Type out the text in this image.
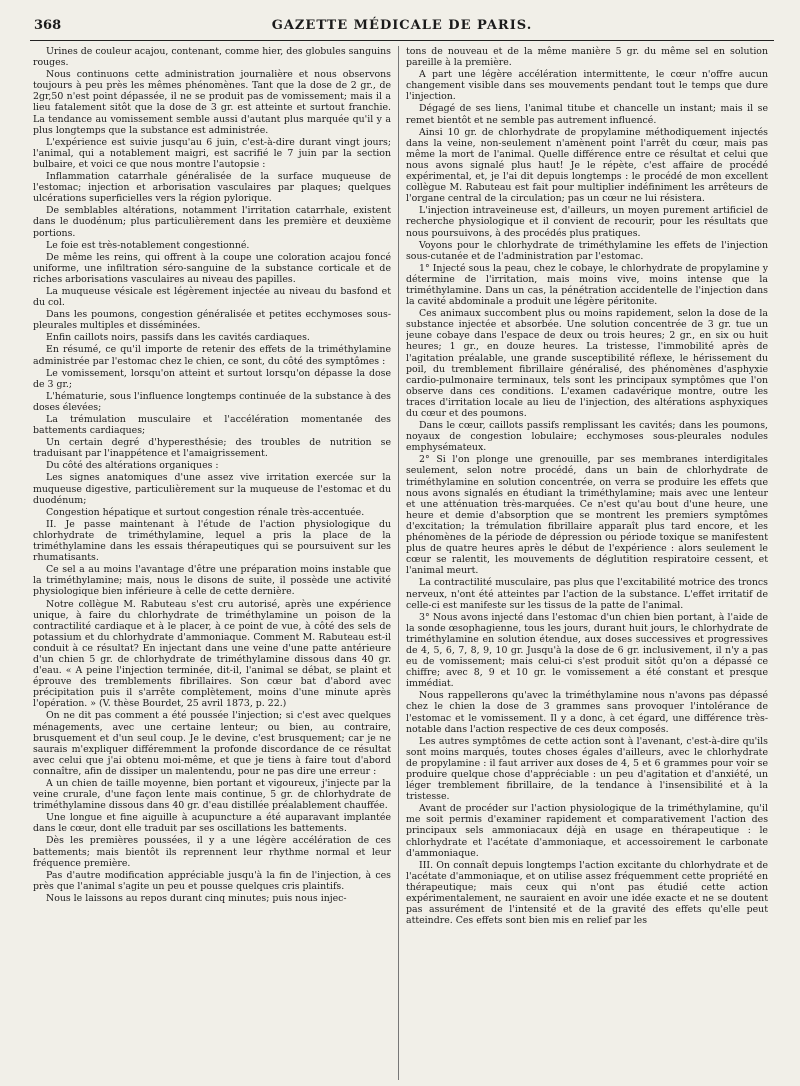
368	GAZETTE MÉDICALE DE PARIS.

Urines de couleur acajou, contenant, comme hier, des globules sanguins rouges.

Nous continuons cette administration journalière et nous observons toujours à peu près les mêmes phénomènes. Tant que la dose de 2 gr., de 2gr,50 n'est point dépassée, il ne se produit pas de vomissement; mais il a lieu fatalement sitôt que la dose de 3 gr. est atteinte et surtout franchie. La tendance au vomissement semble aussi d'autant plus marquée qu'il y a plus longtemps que la substance est administrée.

L'expérience est suivie jusqu'au 6 juin, c'est-à-dire durant vingt jours; l'animal, qui a notablement maigri, est sacrifié le 7 juin par la section bulbaire, et voici ce que nous montre l'autopsie :

Inflammation catarrhale généralisée de la surface muqueuse de l'estomac; injection et arborisation vasculaires par plaques; quelques ulcérations superficielles vers la région pylorique.

De semblables altérations, notamment l'irritation catarrhale, existent dans le duodénum; plus particulièrement dans les première et deuxième portions.

Le foie est très-notablement congestionné.

De même les reins, qui offrent à la coupe une coloration acajou foncé uniforme, une infiltration séro-sanguine de la substance corticale et de riches arborisations vasculaires au niveau des papilles.

La muqueuse vésicale est légèrement injectée au niveau du basfond et du col.

Dans les poumons, congestion généralisée et petites ecchymoses sous-pleurales multiples et disséminées.

Enfin caillots noirs, passifs dans les cavités cardiaques.

En résumé, ce qu'il importe de retenir des effets de la triméthylamine administrée par l'estomac chez le chien, ce sont, du côté des symptômes :

Le vomissement, lorsqu'on atteint et surtout lorsqu'on dépasse la dose de 3 gr.;

L'hématurie, sous l'influence longtemps continuée de la substance à des doses élevées;

La trémulation musculaire et l'accélération momentanée des battements cardiaques;

Un certain degré d'hyperesthésie; des troubles de nutrition se traduisant par l'inappétence et l'amaigrissement.

Du côté des altérations organiques :

Les signes anatomiques d'une assez vive irritation exercée sur la muqueuse digestive, particulièrement sur la muqueuse de l'estomac et du duodénum;

Congestion hépatique et surtout congestion rénale très-accentuée.

II. Je passe maintenant à l'étude de l'action physiologique du chlorhydrate de triméthylamine, lequel a pris la place de la triméthylamine dans les essais thérapeutiques qui se poursuivent sur les rhumatisants.

Ce sel a au moins l'avantage d'être une préparation moins instable que la triméthylamine; mais, nous le disons de suite, il possède une activité physiologique bien inférieure à celle de cette dernière.

Notre collègue M. Rabuteau s'est cru autorisé, après une expérience unique, à faire du chlorhydrate de triméthylamine un poison de la contractilité cardiaque et à le placer, à ce point de vue, à côté des sels de potassium et du chlorhydrate d'ammoniaque. Comment M. Rabuteau est-il conduit à ce résultat? En injectant dans une veine d'une patte antérieure d'un chien 5 gr. de chlorhydrate de triméthylamine dissous dans 40 gr. d'eau. « A peine l'injection terminée, dit-il, l'animal se débat, se plaint et éprouve des tremblements fibrillaires. Son cœur bat d'abord avec précipitation puis il s'arrête complètement, moins d'une minute après l'opération. » (V. thèse Bourdet, 25 avril 1873, p. 22.)

On ne dit pas comment a été poussée l'injection; si c'est avec quelques ménagements, avec une certaine lenteur; ou bien, au contraire, brusquement et d'un seul coup. Je le devine, c'est brusquement; car je ne saurais m'expliquer différemment la profonde discordance de ce résultat avec celui que j'ai obtenu moi-même, et que je tiens à faire tout d'abord connaître, afin de dissiper un malentendu, pour ne pas dire une erreur :

A un chien de taille moyenne, bien portant et vigoureux, j'injecte par la veine crurale, d'une façon lente mais continue, 5 gr. de chlorhydrate de triméthylamine dissous dans 40 gr. d'eau distillée préalablement chauffée.

Une longue et fine aiguille à acupuncture a été auparavant implantée dans le cœur, dont elle traduit par ses oscillations les battements.

Dès les premières poussées, il y a une légère accélération de ces battements; mais bientôt ils reprennent leur rhythme normal et leur fréquence première.

Pas d'autre modification appréciable jusqu'à la fin de l'injection, à ces près que l'animal s'agite un peu et pousse quelques cris plaintifs.

Nous le laissons au repos durant cinq minutes; puis nous injec-

tons de nouveau et de la même manière 5 gr. du même sel en solution pareille à la première.

A part une légère accélération intermittente, le cœur n'offre aucun changement visible dans ses mouvements pendant tout le temps que dure l'injection.

Dégagé de ses liens, l'animal titube et chancelle un instant; mais il se remet bientôt et ne semble pas autrement influencé.

Ainsi 10 gr. de chlorhydrate de propylamine méthodiquement injectés dans la veine, non-seulement n'amènent point l'arrêt du cœur, mais pas même la mort de l'animal. Quelle différence entre ce résultat et celui que nous avons signalé plus haut! Je le répète, c'est affaire de procédé expérimental, et, je l'ai dit depuis longtemps : le procédé de mon excellent collègue M. Rabuteau est fait pour multiplier indéfiniment les arrêteurs de l'organe central de la circulation; pas un cœur ne lui résistera.

L'injection intraveineuse est, d'ailleurs, un moyen purement artificiel de recherche physiologique et il convient de recourir, pour les résultats que nous poursuivons, à des procédés plus pratiques.

Voyons pour le chlorhydrate de triméthylamine les effets de l'injection sous-cutanée et de l'administration par l'estomac.

1° Injecté sous la peau, chez le cobaye, le chlorhydrate de propylamine y détermine de l'irritation, mais moins vive, moins intense que la triméthylamine. Dans un cas, la pénétration accidentelle de l'injection dans la cavité abdominale a produit une légère péritonite.

Ces animaux succombent plus ou moins rapidement, selon la dose de la substance injectée et absorbée. Une solution concentrée de 3 gr. tue un jeune cobaye dans l'espace de deux ou trois heures; 2 gr., en six ou huit heures; 1 gr., en douze heures. La tristesse, l'immobilité après de l'agitation préalable, une grande susceptibilité réflexe, le hérissement du poil, du tremblement fibrillaire généralisé, des phénomènes d'asphyxie cardio-pulmonaire terminaux, tels sont les principaux symptômes que l'on observe dans ces conditions. L'examen cadavérique montre, outre les traces d'irritation locale au lieu de l'injection, des altérations asphyxiques du cœur et des poumons.

Dans le cœur, caillots passifs remplissant les cavités; dans les poumons, noyaux de congestion lobulaire; ecchymoses sous-pleurales nodules emphysémateux.

2° Si l'on plonge une grenouille, par ses membranes interdigitales seulement, selon notre procédé, dans un bain de chlorhydrate de triméthylamine en solution concentrée, on verra se produire les effets que nous avons signalés en étudiant la triméthylamine; mais avec une lenteur et une atténuation très-marquées. Ce n'est qu'au bout d'une heure, une heure et demie d'absorption que se montrent les premiers symptômes d'excitation; la trémulation fibrillaire apparaît plus tard encore, et les phénomènes de la période de dépression ou période toxique se manifestent plus de quatre heures après le début de l'expérience : alors seulement le cœur se ralentit, les mouvements de déglutition respiratoire cessent, et l'animal meurt.

La contractilité musculaire, pas plus que l'excitabilité motrice des troncs nerveux, n'ont été atteintes par l'action de la substance. L'effet irritatif de celle-ci est manifeste sur les tissus de la patte de l'animal.

3° Nous avons injecté dans l'estomac d'un chien bien portant, à l'aide de la sonde œsophagienne, tous les jours, durant huit jours, le chlorhydrate de triméthylamine en solution étendue, aux doses successives et progressives de 4, 5, 6, 7, 8, 9, 10 gr. Jusqu'à la dose de 6 gr. inclusivement, il n'y a pas eu de vomissement; mais celui-ci s'est produit sitôt qu'on a dépassé ce chiffre; avec 8, 9 et 10 gr. le vomissement a été constant et presque immédiat.

Nous rappellerons qu'avec la triméthylamine nous n'avons pas dépassé chez le chien la dose de 3 grammes sans provoquer l'intolérance de l'estomac et le vomissement. Il y a donc, à cet égard, une différence très-notable dans l'action respective de ces deux composés.

Les autres symptômes de cette action sont à l'avenant, c'est-à-dire qu'ils sont moins marqués, toutes choses égales d'ailleurs, avec le chlorhydrate de propylamine : il faut arriver aux doses de 4, 5 et 6 grammes pour voir se produire quelque chose d'appréciable : un peu d'agitation et d'anxiété, un léger tremblement fibrillaire, de la tendance à l'insensibilité et à la tristesse.

Avant de procéder sur l'action physiologique de la triméthylamine, qu'il me soit permis d'examiner rapidement et comparativement l'action des principaux sels ammoniacaux déjà en usage en thérapeutique : le chlorhydrate et l'acétate d'ammoniaque, et accessoirement le carbonate d'ammoniaque.

III. On connaît depuis longtemps l'action excitante du chlorhydrate et de l'acétate d'ammoniaque, et on utilise assez fréquemment cette propriété en thérapeutique; mais ceux qui n'ont pas étudié cette action expérimentalement, ne sauraient en avoir une idée exacte et ne se doutent pas assurément de l'intensité et de la gravité des effets qu'elle peut atteindre. Ces effets sont bien mis en relief par les
